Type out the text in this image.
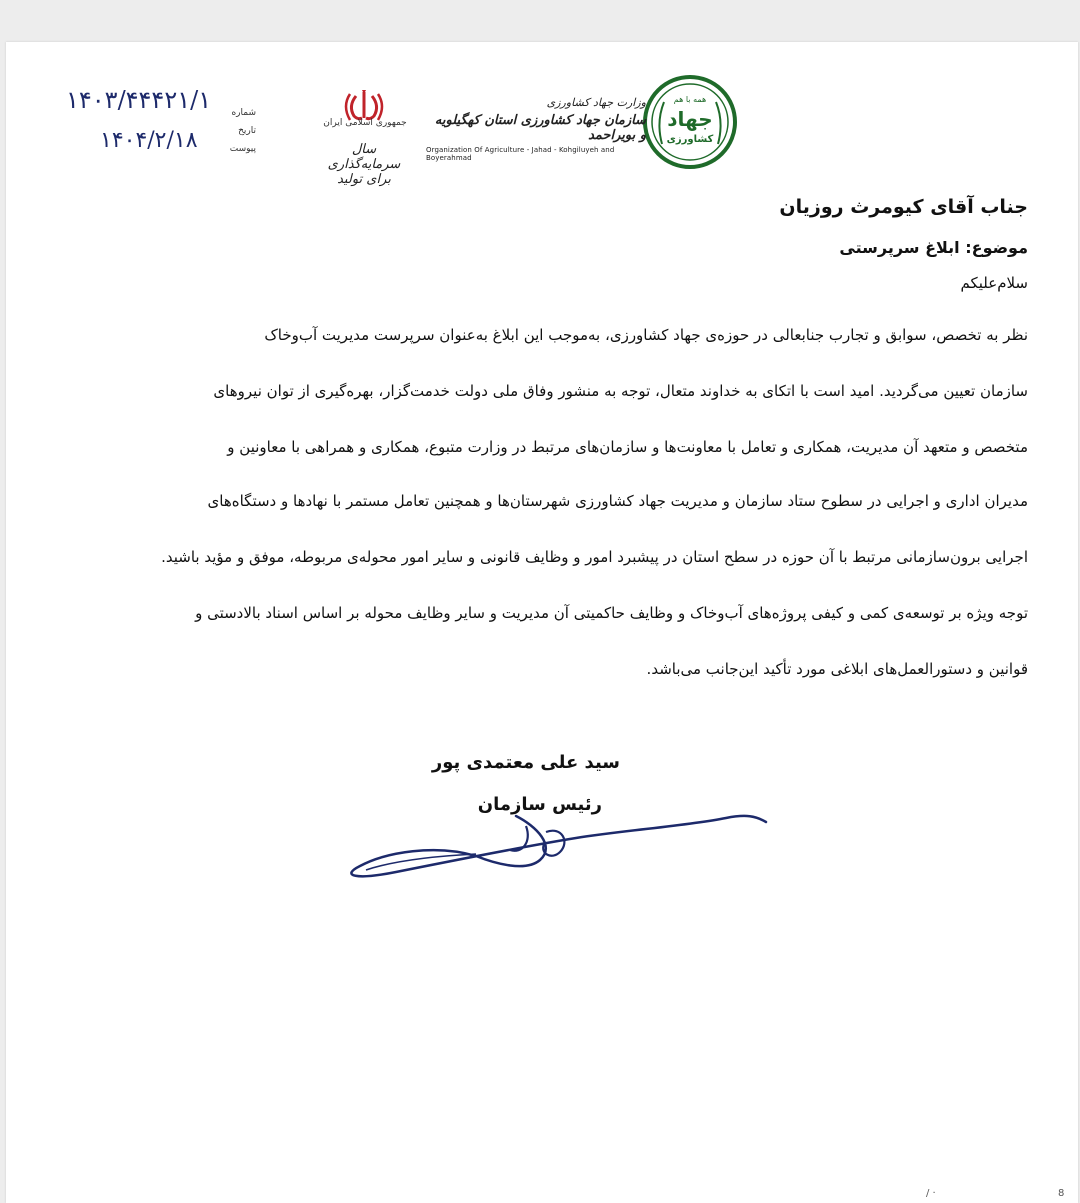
همه با هم
جهاد
کشاورزی
وزارت جهاد کشاورزی
سازمان جهاد کشاورزی استان کهگیلویه و بویراحمد
Organization Of Agriculture - Jahad - Kohgiluyeh and Boyerahmad
جمهوری اسلامی ایران
سال سرمایه‌گذاری برای تولید
شماره
تاریخ
پیوست
۱۴۰۳/۴۴۴۲۱/۱
۱۴۰۴/۲/۱۸
جناب آقای کیومرث روزیان
موضوع: ابلاغ سرپرستی
سلام‌علیکم
نظر به تخصص، سوابق و تجارب جنابعالی در حوزه‌ی جهاد کشاورزی، به‌موجب این ابلاغ به‌عنوان سرپرست مدیریت آب‌وخاک
سازمان تعیین می‌گردید. امید است با اتکای به خداوند متعال، توجه به منشور وفاق ملی دولت خدمت‌گزار، بهره‌گیری از توان نیروهای
متخصص و متعهد آن مدیریت، همکاری و تعامل با معاونت‌ها و سازمان‌های مرتبط در وزارت متبوع، همکاری و همراهی با معاونین و
مدیران اداری و اجرایی در سطوح ستاد سازمان و مدیریت جهاد کشاورزی شهرستان‌ها و همچنین تعامل مستمر با نهادها و دستگاه‌های
اجرایی برون‌سازمانی مرتبط با آن حوزه در سطح استان در پیشبرد امور و وظایف قانونی و سایر امور محوله‌ی مربوطه، موفق و مؤید باشید.
توجه ویژه بر توسعه‌ی کمی و کیفی پروژه‌های آب‌وخاک و وظایف حاکمیتی آن مدیریت و سایر وظایف محوله بر اساس اسناد بالادستی و
قوانین و دستورالعمل‌های ابلاغی مورد تأکید این‌جانب می‌باشد.
سید علی معتمدی پور
رئیس سازمان
/ ·	8
